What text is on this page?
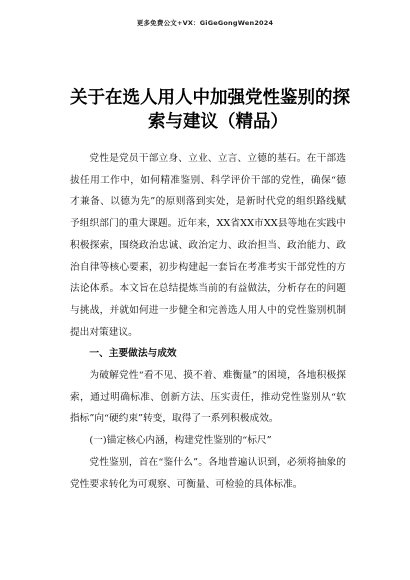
更多免费公文+VX：GiGeGongWen2024
关于在选人用人中加强党性鉴别的探
索与建议（精品）

党性是党员干部立身、立业、立言、立德的基石。在干部选拔任用工作中，如何精准鉴别、科学评价干部的党性，确保“德才兼备、以德为先”的原则落到实处，是新时代党的组织路线赋予组织部门的重大课题。近年来，XX省XX市XX县等地在实践中积极探索，围绕政治忠诚、政治定力、政治担当、政治能力、政治自律等核心要素，初步构建起一套旨在考准考实干部党性的方法论体系。本文旨在总结提炼当前的有益做法，分析存在的问题与挑战，并就如何进一步健全和完善选人用人中的党性鉴别机制提出对策建议。

一、主要做法与成效

为破解党性“看不见、摸不着、难衡量”的困境，各地积极探索，通过明确标准、创新方法、压实责任，推动党性鉴别从“软指标”向“硬约束”转变，取得了一系列积极成效。

(一)锚定核心内涵，构建党性鉴别的“标尺”

党性鉴别，首在“鉴什么”。各地普遍认识到，必须将抽象的党性要求转化为可观察、可衡量、可检验的具体标准。
